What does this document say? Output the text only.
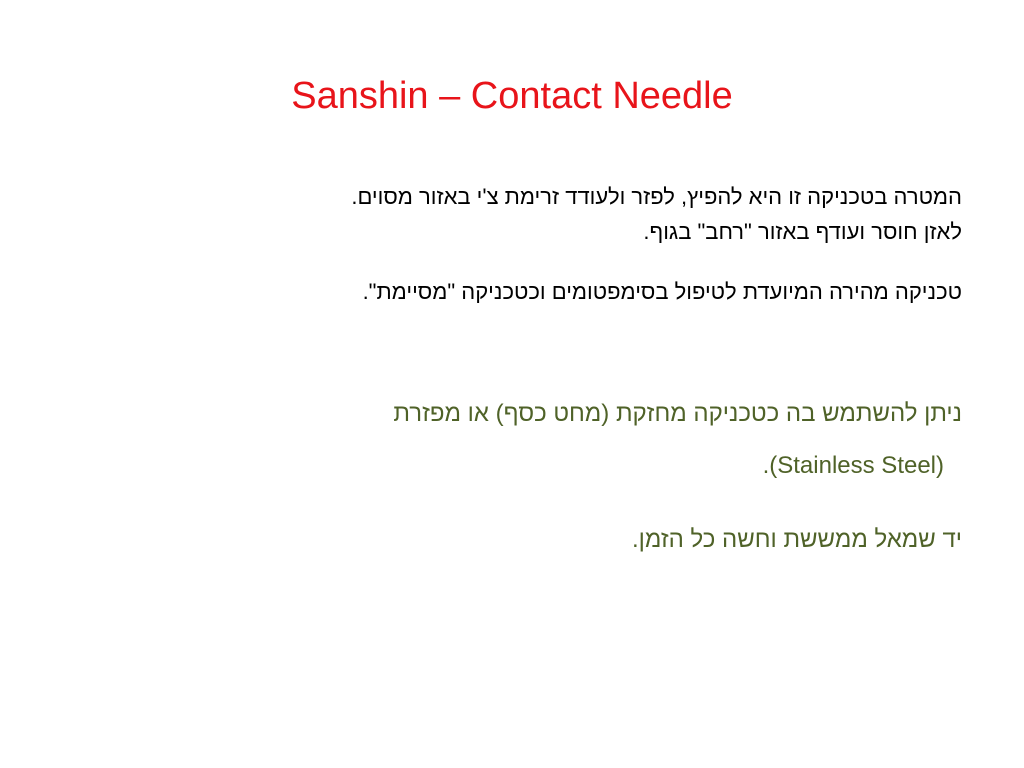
Sanshin – Contact Needle
המטרה בטכניקה זו היא להפיץ, לפזר ולעודד זרימת צ'י באזור מסוים.
לאזן חוסר ועודף באזור "רחב" בגוף.
טכניקה מהירה המיועדת לטיפול בסימפטומים וכטכניקה "מסיימת".
ניתן להשתמש בה כטכניקה מחזקת (מחט כסף) או מפזרת
.(Stainless Steel)
יד שמאל ממששת וחשה כל הזמן.
